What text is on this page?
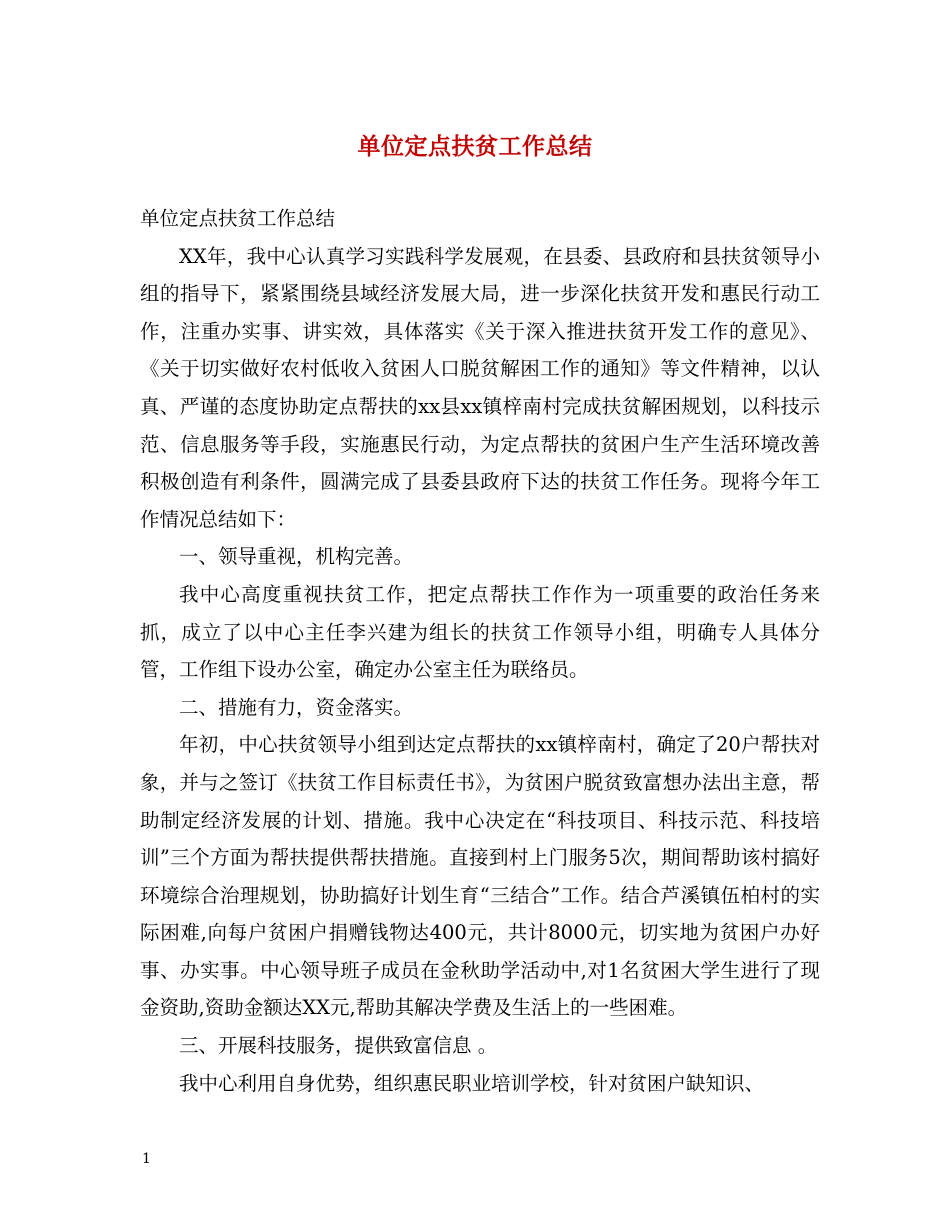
单位定点扶贫工作总结

单位定点扶贫工作总结

XX年，我中心认真学习实践科学发展观，在县委、县政府和县扶贫领导小组的指导下，紧紧围绕县域经济发展大局，进一步深化扶贫开发和惠民行动工作，注重办实事、讲实效，具体落实《关于深入推进扶贫开发工作的意见》、《关于切实做好农村低收入贫困人口脱贫解困工作的通知》等文件精神，以认真、严谨的态度协助定点帮扶的xx县xx镇梓南村完成扶贫解困规划，以科技示范、信息服务等手段，实施惠民行动，为定点帮扶的贫困户生产生活环境改善积极创造有利条件，圆满完成了县委县政府下达的扶贫工作任务。现将今年工作情况总结如下：

一、领导重视，机构完善。

我中心高度重视扶贫工作，把定点帮扶工作作为一项重要的政治任务来抓，成立了以中心主任李兴建为组长的扶贫工作领导小组，明确专人具体分管，工作组下设办公室，确定办公室主任为联络员。

二、措施有力，资金落实。

年初，中心扶贫领导小组到达定点帮扶的xx镇梓南村，确定了20户帮扶对象，并与之签订《扶贫工作目标责任书》，为贫困户脱贫致富想办法出主意，帮助制定经济发展的计划、措施。我中心决定在“科技项目、科技示范、科技培训”三个方面为帮扶提供帮扶措施。直接到村上门服务5次，期间帮助该村搞好环境综合治理规划，协助搞好计划生育“三结合”工作。结合芦溪镇伍柏村的实际困难,向每户贫困户捐赠钱物达400元，共计8000元，切实地为贫困户办好事、办实事。中心领导班子成员在金秋助学活动中,对1名贫困大学生进行了现金资助,资助金额达XX元,帮助其解决学费及生活上的一些困难。

三、开展科技服务，提供致富信息 。

我中心利用自身优势，组织惠民职业培训学校，针对贫困户缺知识、

1
